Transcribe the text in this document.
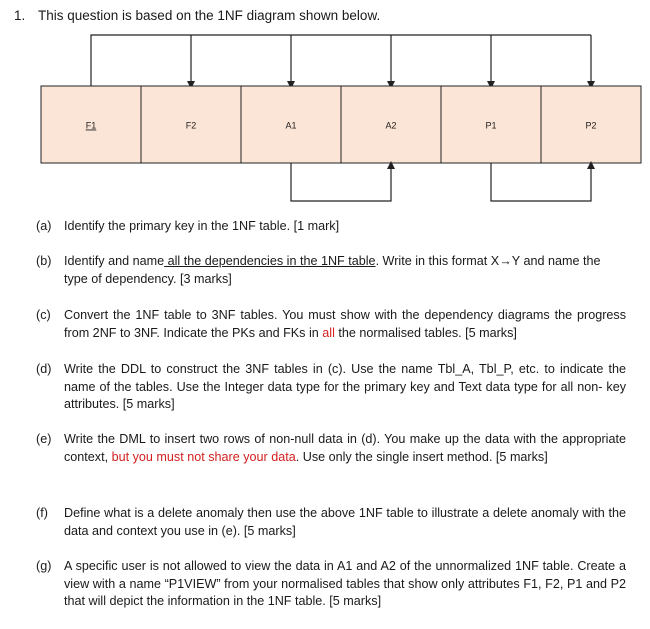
1. This question is based on the 1NF diagram shown below.
F1	F2	A1	A2	P1	P2
(a) Identify the primary key in the 1NF table. [1 mark]
(b) Identify and name all the dependencies in the 1NF table. Write in this format X→Y and name the type of dependency. [3 marks]
(c) Convert the 1NF table to 3NF tables. You must show with the dependency diagrams the progress from 2NF to 3NF. Indicate the PKs and FKs in all the normalised tables. [5 marks]
(d) Write the DDL to construct the 3NF tables in (c). Use the name Tbl_A, Tbl_P, etc. to indicate the name of the tables. Use the Integer data type for the primary key and Text data type for all non- key attributes. [5 marks]
(e) Write the DML to insert two rows of non-null data in (d). You make up the data with the appropriate context, but you must not share your data. Use only the single insert method. [5 marks]
(f) Define what is a delete anomaly then use the above 1NF table to illustrate a delete anomaly with the data and context you use in (e). [5 marks]
(g) A specific user is not allowed to view the data in A1 and A2 of the unnormalized 1NF table. Create a view with a name “P1VIEW” from your normalised tables that show only attributes F1, F2, P1 and P2 that will depict the information in the 1NF table. [5 marks]
